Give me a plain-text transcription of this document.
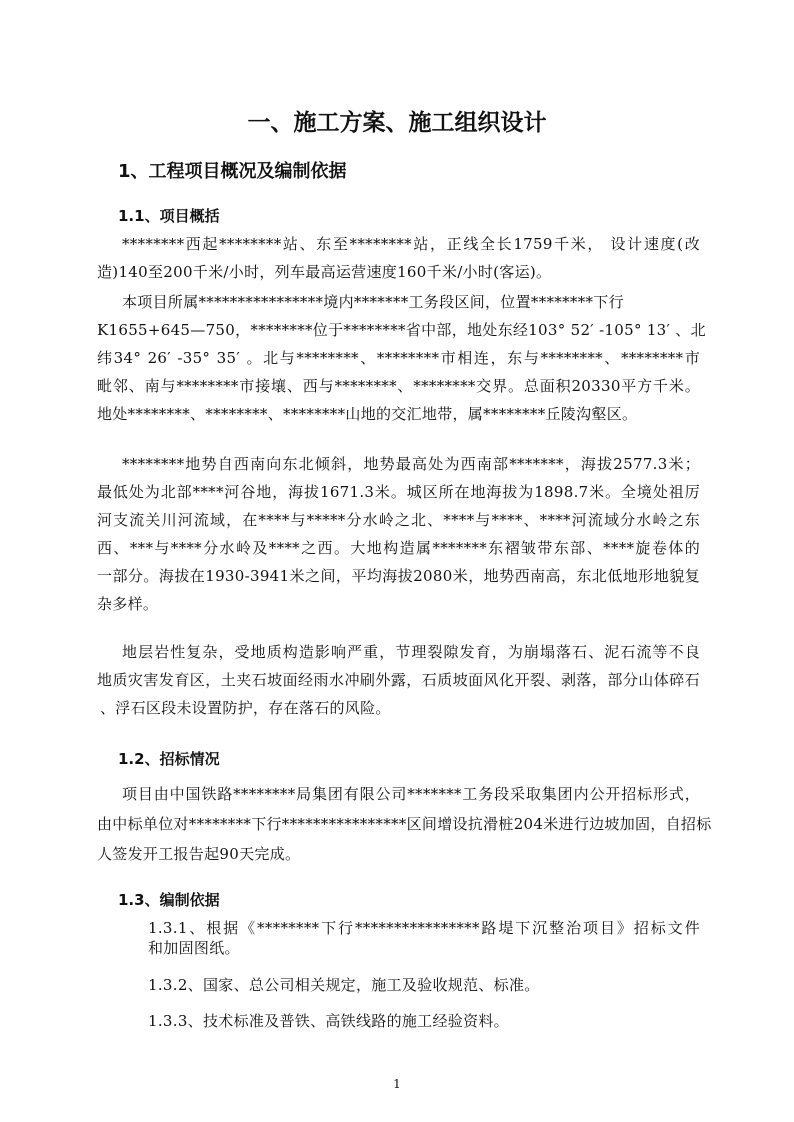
一、施工方案、施工组织设计
1、工程项目概况及编制依据
1.1、项目概括
********西起********站、东至********站，正线全长1759千米， 设计速度(改
造)140至200千米/小时，列车最高运营速度160千米/小时(客运)。
本项目所属****************境内*******工务段区间，位置********下行
K1655+645—750，********位于********省中部，地处东经103° 52′ -105° 13′ 、北
纬34° 26′ -35° 35′ 。北与********、********市相连，东与********、********市
毗邻、南与********市接壤、西与********、********交界。总面积20330平方千米。
地处********、********、********山地的交汇地带，属********丘陵沟壑区。
********地势自西南向东北倾斜，地势最高处为西南部*******，海拔2577.3米；
最低处为北部****河谷地，海拔1671.3米。城区所在地海拔为1898.7米。全境处祖厉
河支流关川河流域，在****与*****分水岭之北、****与****、****河流域分水岭之东
西、***与****分水岭及****之西。大地构造属*******东褶皱带东部、****旋卷体的
一部分。海拔在1930-3941米之间，平均海拔2080米，地势西南高，东北低地形地貌复
杂多样。
地层岩性复杂，受地质构造影响严重，节理裂隙发育，为崩塌落石、泥石流等不良
地质灾害发育区，土夹石坡面经雨水冲刷外露，石质坡面风化开裂、剥落，部分山体碎石
、浮石区段未设置防护，存在落石的风险。
1.2、招标情况
项目由中国铁路********局集团有限公司*******工务段采取集团内公开招标形式，
由中标单位对********下行****************区间增设抗滑桩204米进行边坡加固，自招标
人签发开工报告起90天完成。
1.3、编制依据
1.3.1、根据《********下行****************路堤下沉整治项目》招标文件
和加固图纸。
1.3.2、国家、总公司相关规定，施工及验收规范、标准。
1.3.3、技术标准及普铁、高铁线路的施工经验资料。
1
